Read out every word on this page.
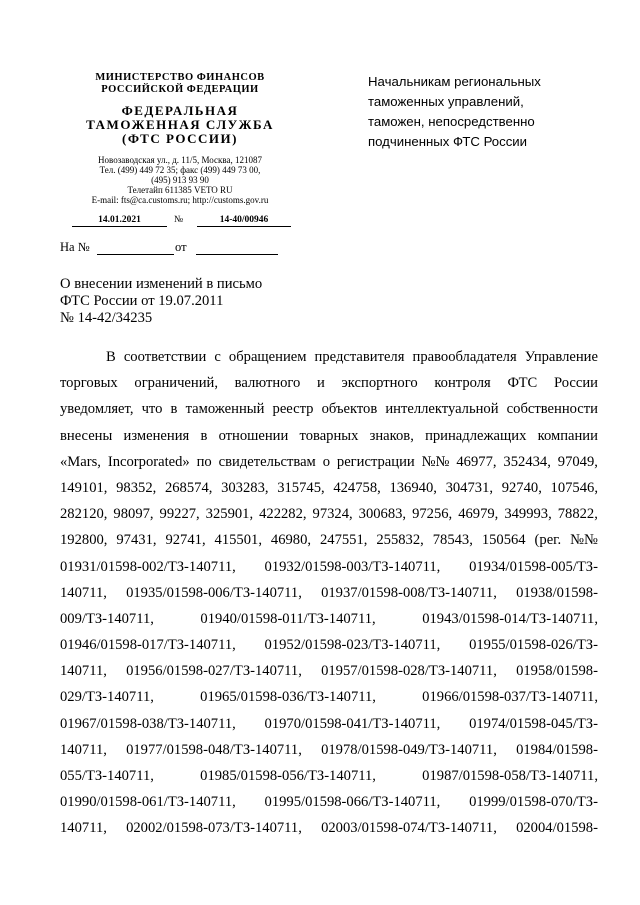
МИНИСТЕРСТВО ФИНАНСОВ
РОССИЙСКОЙ ФЕДЕРАЦИИ
ФЕДЕРАЛЬНАЯ
ТАМОЖЕННАЯ СЛУЖБА
(ФТС РОССИИ)
Новозаводская ул., д. 11/5, Москва, 121087
Тел. (499) 449 72 35; факс (499) 449 73 00,
(495) 913 93 90
Телетайп 611385 VETO RU
E-mail: fts@ca.customs.ru; http://customs.gov.ru
14.01.2021	№	14-40/00946
На №	от
Начальникам региональных
таможенных управлений,
таможен, непосредственно
подчиненных ФТС России
О внесении изменений в письмо
ФТС России от 19.07.2011
№ 14-42/34235
В соответствии с обращением представителя правообладателя Управление
торговых ограничений, валютного и экспортного контроля ФТС России
уведомляет, что в таможенный реестр объектов интеллектуальной собственности
внесены изменения в отношении товарных знаков, принадлежащих компании
«Mars, Incorporated» по свидетельствам о регистрации №№ 46977, 352434, 97049,
149101, 98352, 268574, 303283, 315745, 424758, 136940, 304731, 92740, 107546,
282120, 98097, 99227, 325901, 422282, 97324, 300683, 97256, 46979, 349993, 78822,
192800, 97431, 92741, 415501, 46980, 247551, 255832, 78543, 150564 (рег. №№
01931/01598-002/ТЗ-140711, 01932/01598-003/ТЗ-140711, 01934/01598-005/ТЗ-
140711, 01935/01598-006/ТЗ-140711, 01937/01598-008/ТЗ-140711, 01938/01598-
009/ТЗ-140711,	01940/01598-011/ТЗ-140711,	01943/01598-014/ТЗ-140711,
01946/01598-017/ТЗ-140711, 01952/01598-023/ТЗ-140711, 01955/01598-026/ТЗ-
140711, 01956/01598-027/ТЗ-140711, 01957/01598-028/ТЗ-140711, 01958/01598-
029/ТЗ-140711,	01965/01598-036/ТЗ-140711,	01966/01598-037/ТЗ-140711,
01967/01598-038/ТЗ-140711, 01970/01598-041/ТЗ-140711, 01974/01598-045/ТЗ-
140711, 01977/01598-048/ТЗ-140711, 01978/01598-049/ТЗ-140711, 01984/01598-
055/ТЗ-140711,	01985/01598-056/ТЗ-140711,	01987/01598-058/ТЗ-140711,
01990/01598-061/ТЗ-140711, 01995/01598-066/ТЗ-140711, 01999/01598-070/ТЗ-
140711, 02002/01598-073/ТЗ-140711, 02003/01598-074/ТЗ-140711, 02004/01598-
